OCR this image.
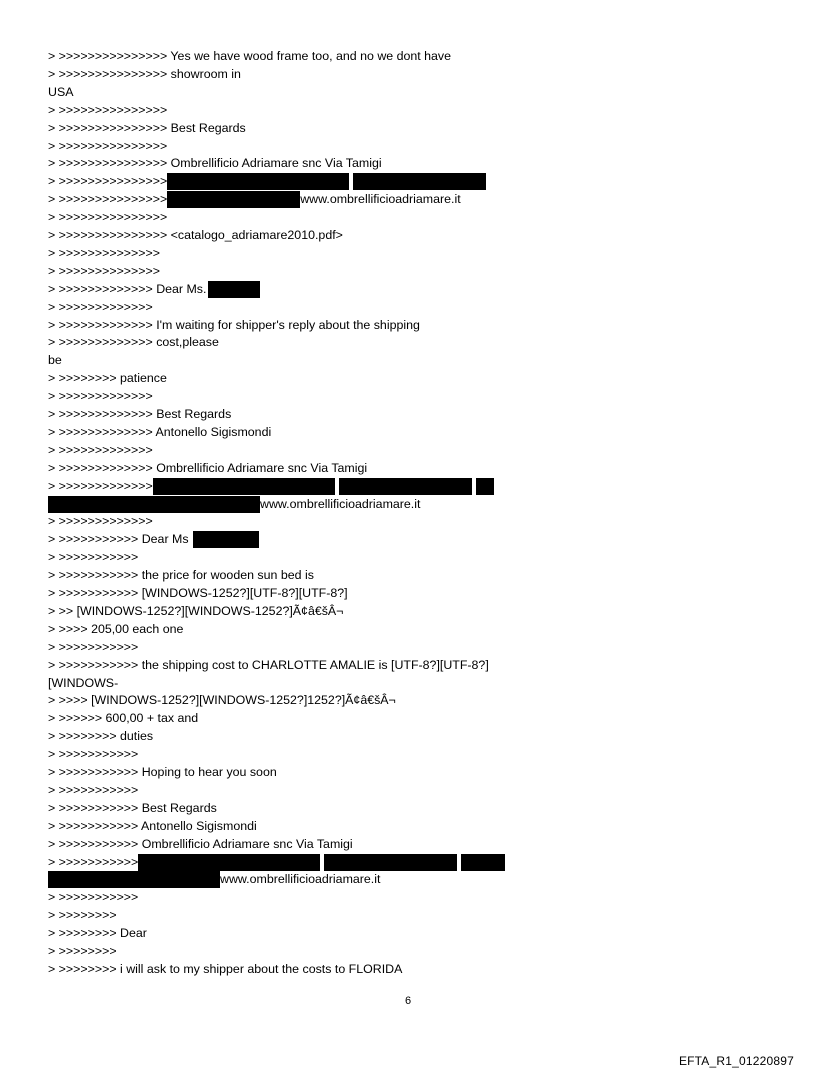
> >>>>>>>>>>>>>>> Yes we have wood frame too, and no we dont have
> >>>>>>>>>>>>>>> showroom in
USA
> >>>>>>>>>>>>>>>
> >>>>>>>>>>>>>>> Best Regards
> >>>>>>>>>>>>>>>
> >>>>>>>>>>>>>>> Ombrellificio Adriamare snc Via Tamigi
> >>>>>>>>>>>>>>>
> >>>>>>>>>>>>>>>	www.ombrellificioadriamare.it
> >>>>>>>>>>>>>>>
> >>>>>>>>>>>>>>> <catalogo_adriamare2010.pdf>
> >>>>>>>>>>>>>>
> >>>>>>>>>>>>>>
> >>>>>>>>>>>>> Dear Ms.
> >>>>>>>>>>>>>
> >>>>>>>>>>>>> I'm waiting for shipper's reply about the shipping
> >>>>>>>>>>>>> cost,please
be
> >>>>>>>> patience
> >>>>>>>>>>>>>
> >>>>>>>>>>>>> Best Regards
> >>>>>>>>>>>>> Antonello Sigismondi
> >>>>>>>>>>>>>
> >>>>>>>>>>>>> Ombrellificio Adriamare snc Via Tamigi
> >>>>>>>>>>>>>
www.ombrellificioadriamare.it
> >>>>>>>>>>>>>
> >>>>>>>>>>> Dear Ms
> >>>>>>>>>>>
> >>>>>>>>>>> the price for wooden sun bed is
> >>>>>>>>>>> [WINDOWS-1252?][UTF-8?][UTF-8?]
> >> [WINDOWS-1252?][WINDOWS-1252?]Ã¢â€šÂ¬
> >>>> 205,00 each one
> >>>>>>>>>>>
> >>>>>>>>>>> the shipping cost to CHARLOTTE AMALIE is [UTF-8?][UTF-8?]
[WINDOWS-
> >>>> [WINDOWS-1252?][WINDOWS-1252?]1252?]Ã¢â€šÂ¬
> >>>>>> 600,00 + tax and
> >>>>>>>> duties
> >>>>>>>>>>>
> >>>>>>>>>>> Hoping to hear you soon
> >>>>>>>>>>>
> >>>>>>>>>>> Best Regards
> >>>>>>>>>>> Antonello Sigismondi
> >>>>>>>>>>> Ombrellificio Adriamare snc Via Tamigi
> >>>>>>>>>>>
www.ombrellificioadriamare.it
> >>>>>>>>>>>
> >>>>>>>>
> >>>>>>>> Dear
> >>>>>>>>
> >>>>>>>> i will ask to my shipper about the costs to FLORIDA
6
EFTA_R1_01220897
